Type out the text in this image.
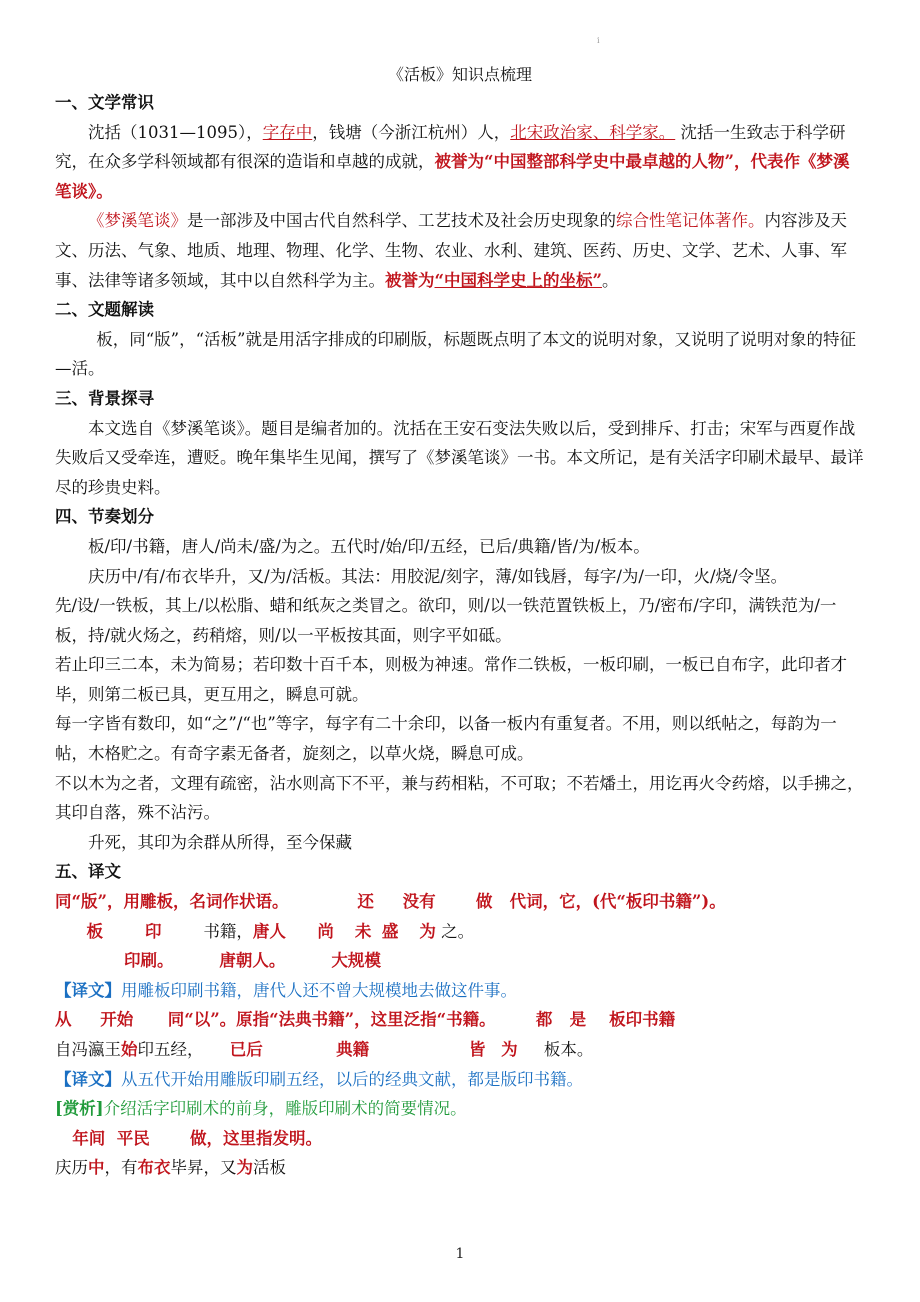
i
《活板》知识点梳理

一、文学常识

沈括（1031—1095），字存中，钱塘（今浙江杭州）人，北宋政治家、科学家。 沈括一生致志于科学研究，在众多学科领域都有很深的造诣和卓越的成就，被誉为“中国整部科学史中最卓越的人物”，代表作《梦溪笔谈》。

《梦溪笔谈》是一部涉及中国古代自然科学、工艺技术及社会历史现象的综合性笔记体著作。内容涉及天文、历法、气象、地质、地理、物理、化学、生物、农业、水利、建筑、医药、历史、文学、艺术、人事、军事、法律等诸多领域，其中以自然科学为主。被誉为“中国科学史上的坐标”。

二、文题解读

板，同“版”，“活板”就是用活字排成的印刷版，标题既点明了本文的说明对象，又说明了说明对象的特征—活。

三、背景探寻

本文选自《梦溪笔谈》。题目是编者加的。沈括在王安石变法失败以后，受到排斥、打击；宋军与西夏作战失败后又受牵连，遭贬。晚年集毕生见闻，撰写了《梦溪笔谈》一书。本文所记，是有关活字印刷术最早、最详尽的珍贵史料。

四、节奏划分

板/印/书籍，唐人/尚未/盛/为之。五代时/始/印/五经，已后/典籍/皆/为/板本。

庆历中/有/布衣毕升，又/为/活板。其法：用胶泥/刻字，薄/如钱唇，每字/为/一印，火/烧/令坚。

先/设/一铁板，其上/以松脂、蜡和纸灰之类冒之。欲印，则/以一铁范置铁板上，乃/密布/字印，满铁范为/一板，持/就火炀之，药稍熔，则/以一平板按其面，则字平如砥。

若止印三二本，未为简易；若印数十百千本，则极为神速。常作二铁板，一板印刷，一板已自布字，此印者才毕，则第二板已具，更互用之，瞬息可就。

每一字皆有数印，如“之”/“也”等字，每字有二十余印，以备一板内有重复者。不用，则以纸帖之，每韵为一帖，木格贮之。有奇字素无备者，旋刻之，以草火烧，瞬息可成。

不以木为之者，文理有疏密，沾水则高下不平，兼与药相粘，不可取；不若燔土，用讫再火令药熔，以手拂之，其印自落，殊不沾污。

升死，其印为余群从所得，至今保藏

五、译文

同“版”，用雕板，名词作状语。	还 没有 做 代词，它，(代“板印书籍”)。

板	印	书籍，唐人 尚 未 盛 为 之。

印刷。	唐朝人。	大规模

【译文】用雕板印刷书籍，唐代人还不曾大规模地去做这件事。

从 开始 同“以”。原指“法典书籍”，这里泛指“书籍。 都 是 板印书籍

自冯瀛王始印五经， 已后	典籍	皆 为 板本。

【译文】从五代开始用雕版印刷五经，以后的经典文献，都是版印书籍。

[赏析]介绍活字印刷术的前身，雕版印刷术的简要情况。

年间 平民 做，这里指发明。

庆历中，有布衣毕昇，又为活板

1
